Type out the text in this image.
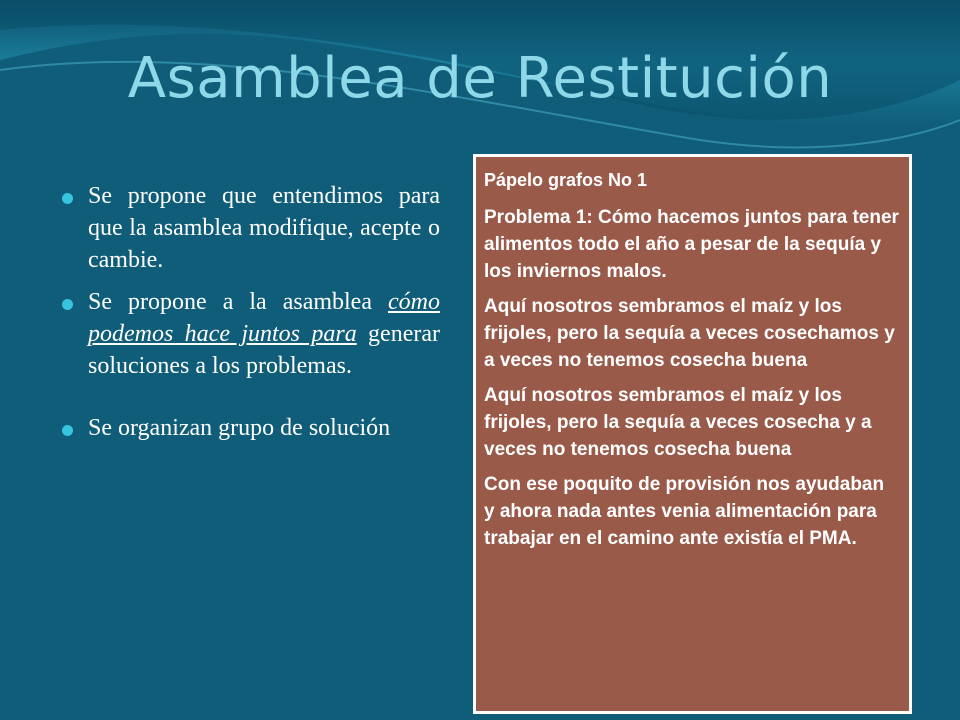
Asamblea de Restitución
Se propone que entendimos para que la asamblea modifique, acepte o cambie.
Se propone a la asamblea cómo podemos hace juntos para generar soluciones a los problemas.
Se organizan grupo de solución

Pápelo grafos No 1

Problema 1: Cómo hacemos juntos para tener alimentos todo el año a pesar de la sequía y los inviernos malos.

Aquí nosotros sembramos el maíz y los frijoles, pero la sequía a veces cosechamos y a veces no tenemos cosecha buena

Aquí nosotros sembramos el maíz y los frijoles, pero la sequía a veces cosecha y a veces no tenemos cosecha buena

Con ese poquito de provisión nos ayudaban y ahora nada antes venia alimentación para trabajar en el camino ante existía el PMA.
